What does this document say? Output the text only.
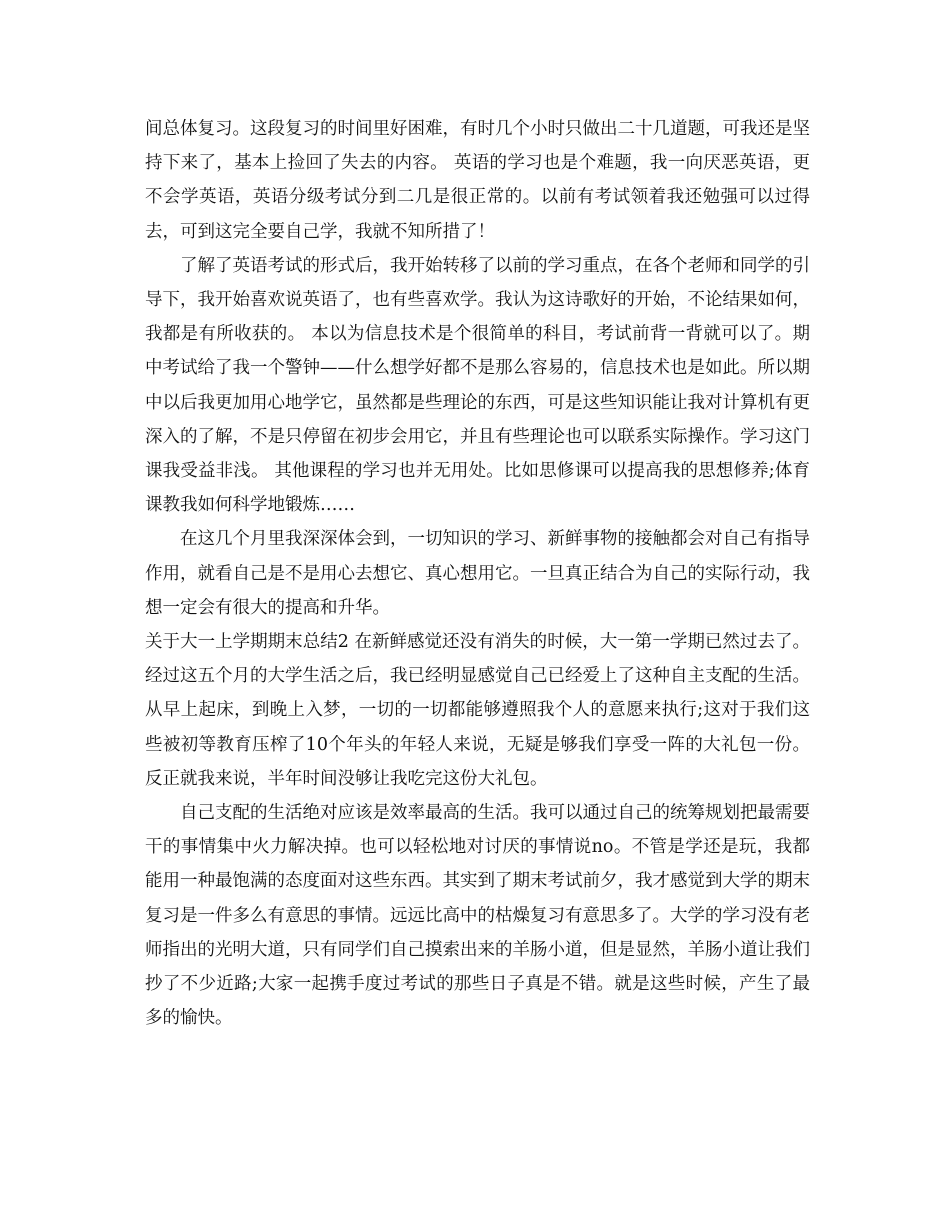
间总体复习。这段复习的时间里好困难，有时几个小时只做出二十几道题，可我还是坚持下来了，基本上捡回了失去的内容。 英语的学习也是个难题，我一向厌恶英语，更不会学英语，英语分级考试分到二几是很正常的。以前有考试领着我还勉强可以过得去，可到这完全要自己学，我就不知所措了！

了解了英语考试的形式后，我开始转移了以前的学习重点，在各个老师和同学的引导下，我开始喜欢说英语了，也有些喜欢学。我认为这诗歌好的开始，不论结果如何，我都是有所收获的。 本以为信息技术是个很简单的科目，考试前背一背就可以了。期中考试给了我一个警钟——什么想学好都不是那么容易的，信息技术也是如此。所以期中以后我更加用心地学它，虽然都是些理论的东西，可是这些知识能让我对计算机有更深入的了解，不是只停留在初步会用它，并且有些理论也可以联系实际操作。学习这门课我受益非浅。 其他课程的学习也并无用处。比如思修课可以提高我的思想修养;体育课教我如何科学地锻炼……

在这几个月里我深深体会到，一切知识的学习、新鲜事物的接触都会对自己有指导作用，就看自己是不是用心去想它、真心想用它。一旦真正结合为自己的实际行动，我想一定会有很大的提高和升华。

关于大一上学期期末总结2 在新鲜感觉还没有消失的时候，大一第一学期已然过去了。经过这五个月的大学生活之后，我已经明显感觉自己已经爱上了这种自主支配的生活。从早上起床，到晚上入梦，一切的一切都能够遵照我个人的意愿来执行;这对于我们这些被初等教育压榨了10个年头的年轻人来说，无疑是够我们享受一阵的大礼包一份。反正就我来说，半年时间没够让我吃完这份大礼包。

自己支配的生活绝对应该是效率最高的生活。我可以通过自己的统筹规划把最需要干的事情集中火力解决掉。也可以轻松地对讨厌的事情说no。不管是学还是玩，我都能用一种最饱满的态度面对这些东西。其实到了期末考试前夕，我才感觉到大学的期末复习是一件多么有意思的事情。远远比高中的枯燥复习有意思多了。大学的学习没有老师指出的光明大道，只有同学们自己摸索出来的羊肠小道，但是显然，羊肠小道让我们抄了不少近路;大家一起携手度过考试的那些日子真是不错。就是这些时候，产生了最多的愉快。
